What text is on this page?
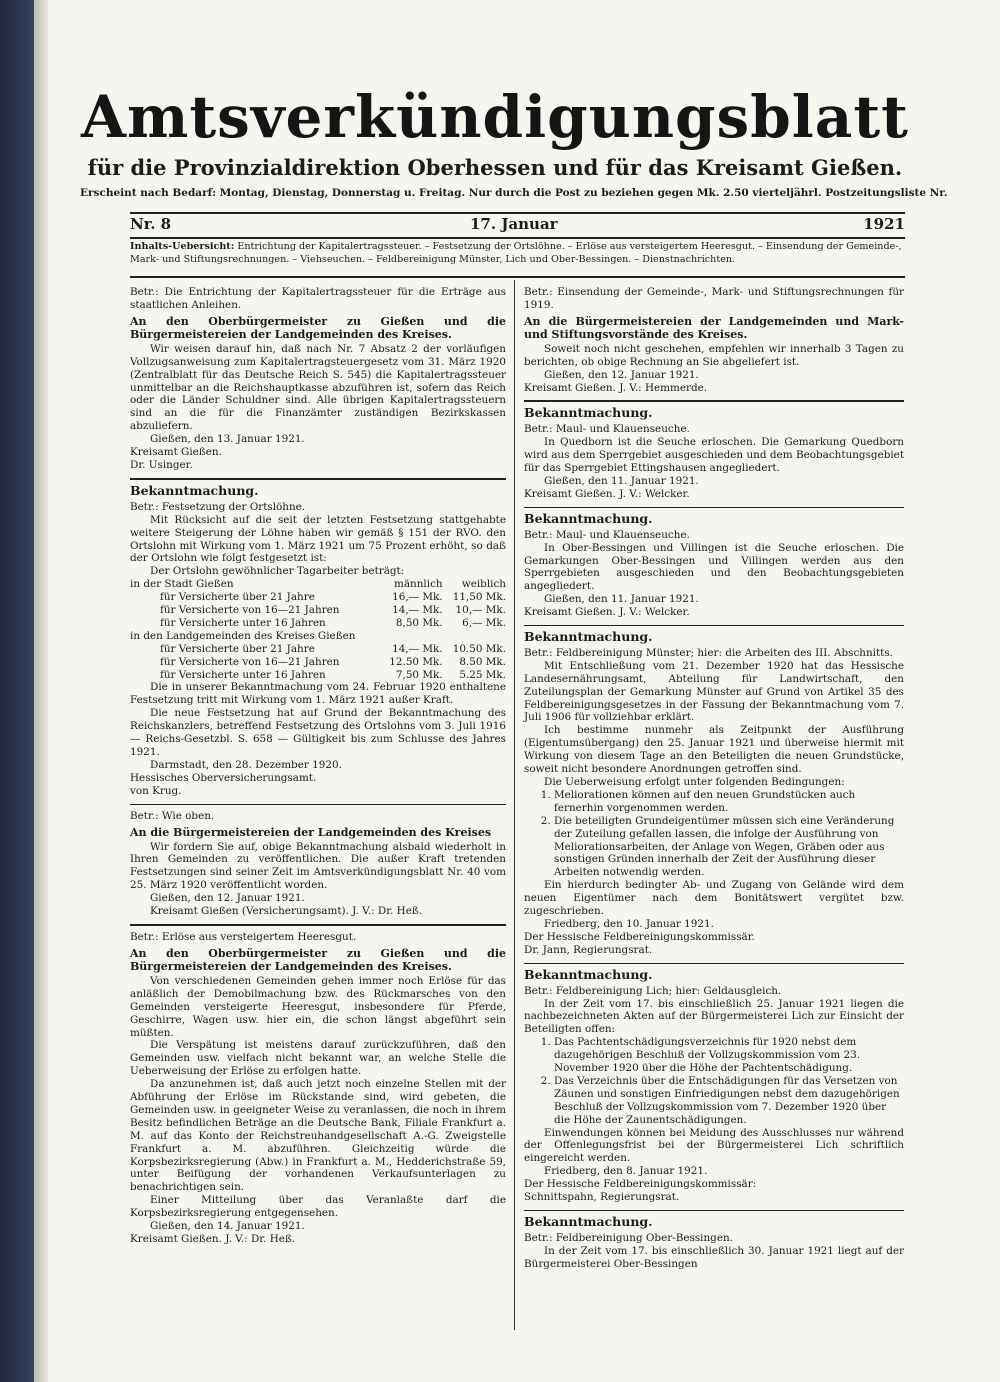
Amtsverkündigungsblatt

für die Provinzialdirektion Oberhessen und für das Kreisamt Gießen.

Erscheint nach Bedarf: Montag, Dienstag, Donnerstag u. Freitag. Nur durch die Post zu beziehen gegen Mk. 2.50 vierteljährl. Postzeitungsliste Nr.

Nr. 8	17. Januar	1921
Inhalts-Uebersicht: Entrichtung der Kapitalertragssteuer. – Festsetzung der Ortslöhne. – Erlöse aus versteigertem Heeresgut. – Einsendung der Gemeinde-, Mark- und Stiftungsrechnungen. – Viehseuchen. – Feldbereinigung Münster, Lich und Ober-Bessingen. – Dienstnachrichten.

Betr.: Die Entrichtung der Kapitalertragssteuer für die Erträge aus staatlichen Anleihen.

An den Oberbürgermeister zu Gießen und die Bürgermeistereien der Landgemeinden des Kreises.

Wir weisen darauf hin, daß nach Nr. 7 Absatz 2 der vorläufigen Vollzugsanweisung zum Kapitalertragsteuergesetz vom 31. März 1920 (Zentralblatt für das Deutsche Reich S. 545) die Kapitalertragssteuer unmittelbar an die Reichshauptkasse abzuführen ist, sofern das Reich oder die Länder Schuldner sind. Alle übrigen Kapitalertragssteuern sind an die für die Finanzämter zuständigen Bezirkskassen abzuliefern.

Gießen, den 13. Januar 1921.

Kreisamt Gießen.

Dr. Usinger.

Bekanntmachung.

Betr.: Festsetzung der Ortslöhne.

Mit Rücksicht auf die seit der letzten Festsetzung stattgehabte weitere Steigerung der Löhne haben wir gemäß § 151 der RVO. den Ortslohn mit Wirkung vom 1. März 1921 um 75 Prozent erhöht, so daß der Ortslohn wie folgt festgesetzt ist:

Der Ortslohn gewöhnlicher Tagarbeiter beträgt:

in der Stadt Gießen	männlich	weiblich
für Versicherte über 21 Jahre	16,— Mk.	11,50 Mk.
für Versicherte von 16—21 Jahren	14,— Mk.	10,— Mk.
für Versicherte unter 16 Jahren	8,50 Mk.	6,— Mk.
in den Landgemeinden des Kreises Gießen		
für Versicherte über 21 Jahre	14,— Mk.	10.50 Mk.
für Versicherte von 16—21 Jahren	12.50 Mk.	8.50 Mk.
für Versicherte unter 16 Jahren	7,50 Mk.	5.25 Mk.

Die in unserer Bekanntmachung vom 24. Februar 1920 enthaltene Festsetzung tritt mit Wirkung vom 1. März 1921 außer Kraft.

Die neue Festsetzung hat auf Grund der Bekanntmachung des Reichskanzlers, betreffend Festsetzung des Ortslohns vom 3. Juli 1916 — Reichs-Gesetzbl. S. 658 — Gültigkeit bis zum Schlusse des Jahres 1921.

Darmstadt, den 28. Dezember 1920.

Hessisches Oberversicherungsamt.

von Krug.

Betr.: Wie oben.

An die Bürgermeistereien der Landgemeinden des Kreises

Wir fordern Sie auf, obige Bekanntmachung alsbald wiederholt in Ihren Gemeinden zu veröffentlichen. Die außer Kraft tretenden Festsetzungen sind seiner Zeit im Amtsverkündigungsblatt Nr. 40 vom 25. März 1920 veröffentlicht worden.

Gießen, den 12. Januar 1921.

Kreisamt Gießen (Versicherungsamt). J. V.: Dr. Heß.

Betr.: Erlöse aus versteigertem Heeresgut.

An den Oberbürgermeister zu Gießen und die Bürgermeistereien der Landgemeinden des Kreises.

Von verschiedenen Gemeinden gehen immer noch Erlöse für das anläßlich der Demobilmachung bzw. des Rückmarsches von den Gemeinden versteigerte Heeresgut, insbesondere für Pferde, Geschirre, Wagen usw. hier ein, die schon längst abgeführt sein müßten.

Die Verspätung ist meistens darauf zurückzuführen, daß den Gemeinden usw. vielfach nicht bekannt war, an welche Stelle die Ueberweisung der Erlöse zu erfolgen hatte.

Da anzunehmen ist, daß auch jetzt noch einzelne Stellen mit der Abführung der Erlöse im Rückstande sind, wird gebeten, die Gemeinden usw. in geeigneter Weise zu veranlassen, die noch in ihrem Besitz befindlichen Beträge an die Deutsche Bank, Filiale Frankfurt a. M. auf das Konto der Reichstreuhandgesellschaft A.-G. Zweigstelle Frankfurt a. M. abzuführen. Gleichzeitig würde die Korpsbezirksregierung (Abw.) in Frankfurt a. M., Hedderichstraße 59, unter Beifügung der vorhandenen Verkaufsunterlagen zu benachrichtigen sein.

Einer Mitteilung über das Veranlaßte darf die Korpsbezirksregierung entgegensehen.

Gießen, den 14. Januar 1921.

Kreisamt Gießen. J. V.: Dr. Heß.

Betr.: Einsendung der Gemeinde-, Mark- und Stiftungsrechnungen für 1919.

An die Bürgermeistereien der Landgemeinden und Mark- und Stiftungsvorstände des Kreises.

Soweit noch nicht geschehen, empfehlen wir innerhalb 3 Tagen zu berichten, ob obige Rechnung an Sie abgeliefert ist.

Gießen, den 12. Januar 1921.

Kreisamt Gießen. J. V.: Hemmerde.

Bekanntmachung.

Betr.: Maul- und Klauenseuche.

In Quedborn ist die Seuche erloschen. Die Gemarkung Quedborn wird aus dem Sperrgebiet ausgeschieden und dem Beobachtungsgebiet für das Sperrgebiet Ettingshausen angegliedert.

Gießen, den 11. Januar 1921.

Kreisamt Gießen. J. V.: Welcker.

Bekanntmachung.

Betr.: Maul- und Klauenseuche.

In Ober-Bessingen und Villingen ist die Seuche erloschen. Die Gemarkungen Ober-Bessingen und Villingen werden aus den Sperrgebieten ausgeschieden und den Beobachtungsgebieten angegliedert.

Gießen, den 11. Januar 1921.

Kreisamt Gießen. J. V.: Welcker.

Bekanntmachung.

Betr.: Feldbereinigung Münster; hier: die Arbeiten des III. Abschnitts.

Mit Entschließung vom 21. Dezember 1920 hat das Hessische Landesernährungsamt, Abteilung für Landwirtschaft, den Zuteilungsplan der Gemarkung Münster auf Grund von Artikel 35 des Feldbereinigungsgesetzes in der Fassung der Bekanntmachung vom 7. Juli 1906 für vollziehbar erklärt.

Ich bestimme nunmehr als Zeitpunkt der Ausführung (Eigentumsübergang) den 25. Januar 1921 und überweise hiermit mit Wirkung von diesem Tage an den Beteiligten die neuen Grundstücke, soweit nicht besondere Anordnungen getroffen sind.

Die Ueberweisung erfolgt unter folgenden Bedingungen:

1. Meliorationen können auf den neuen Grundstücken auch fernerhin vorgenommen werden.
2. Die beteiligten Grundeigentümer müssen sich eine Veränderung der Zuteilung gefallen lassen, die infolge der Ausführung von Meliorationsarbeiten, der Anlage von Wegen, Gräben oder aus sonstigen Gründen innerhalb der Zeit der Ausführung dieser Arbeiten notwendig werden.

Ein hierdurch bedingter Ab- und Zugang von Gelände wird dem neuen Eigentümer nach dem Bonitätswert vergütet bzw. zugeschrieben.

Friedberg, den 10. Januar 1921.

Der Hessische Feldbereinigungskommissär.

Dr. Jann, Regierungsrat.

Bekanntmachung.

Betr.: Feldbereinigung Lich; hier: Geldausgleich.

In der Zeit vom 17. bis einschließlich 25. Januar 1921 liegen die nachbezeichneten Akten auf der Bürgermeisterei Lich zur Einsicht der Beteiligten offen:

1. Das Pachtentschädigungsverzeichnis für 1920 nebst dem dazugehörigen Beschluß der Vollzugskommission vom 23. November 1920 über die Höhe der Pachtentschädigung.
2. Das Verzeichnis über die Entschädigungen für das Versetzen von Zäunen und sonstigen Einfriedigungen nebst dem dazugehörigen Beschluß der Vollzugskommission vom 7. Dezember 1920 über die Höhe der Zaunentschädigungen.

Einwendungen können bei Meidung des Ausschlusses nur während der Offenlegungsfrist bei der Bürgermeisterei Lich schriftlich eingereicht werden.

Friedberg, den 8. Januar 1921.

Der Hessische Feldbereinigungskommissär:

Schnittspahn, Regierungsrat.

Bekanntmachung.

Betr.: Feldbereinigung Ober-Bessingen.

In der Zeit vom 17. bis einschließlich 30. Januar 1921 liegt auf der Bürgermeisterei Ober-Bessingen
